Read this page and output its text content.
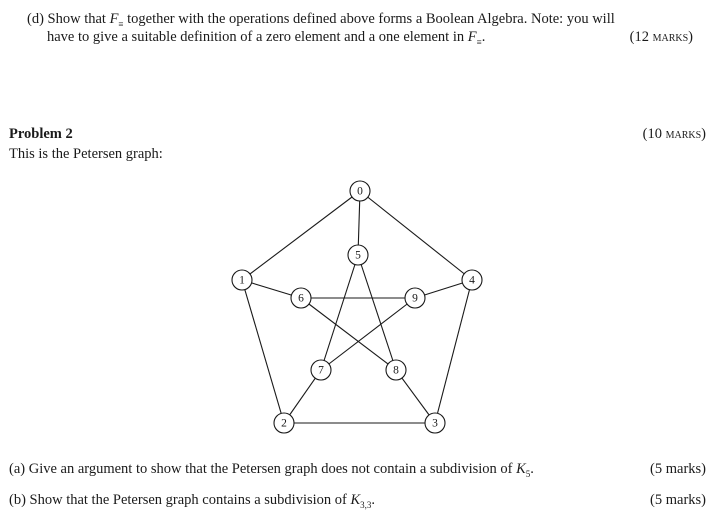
(d) Show that $F_\equiv$ together with the operations defined above forms a Boolean Algebra. Note: you will
have to give a suitable definition of a zero element and a one element in $F_\equiv$.	(12 marks)
Problem 2	(10 marks)
This is the Petersen graph:
0
1
2	3
4
5
6
7	8
9
(a) Give an argument to show that the Petersen graph does not contain a subdivision of $K_5$.	(5 marks)
(b) Show that the Petersen graph contains a subdivision of $K_{3,3}$.	(5 marks)
